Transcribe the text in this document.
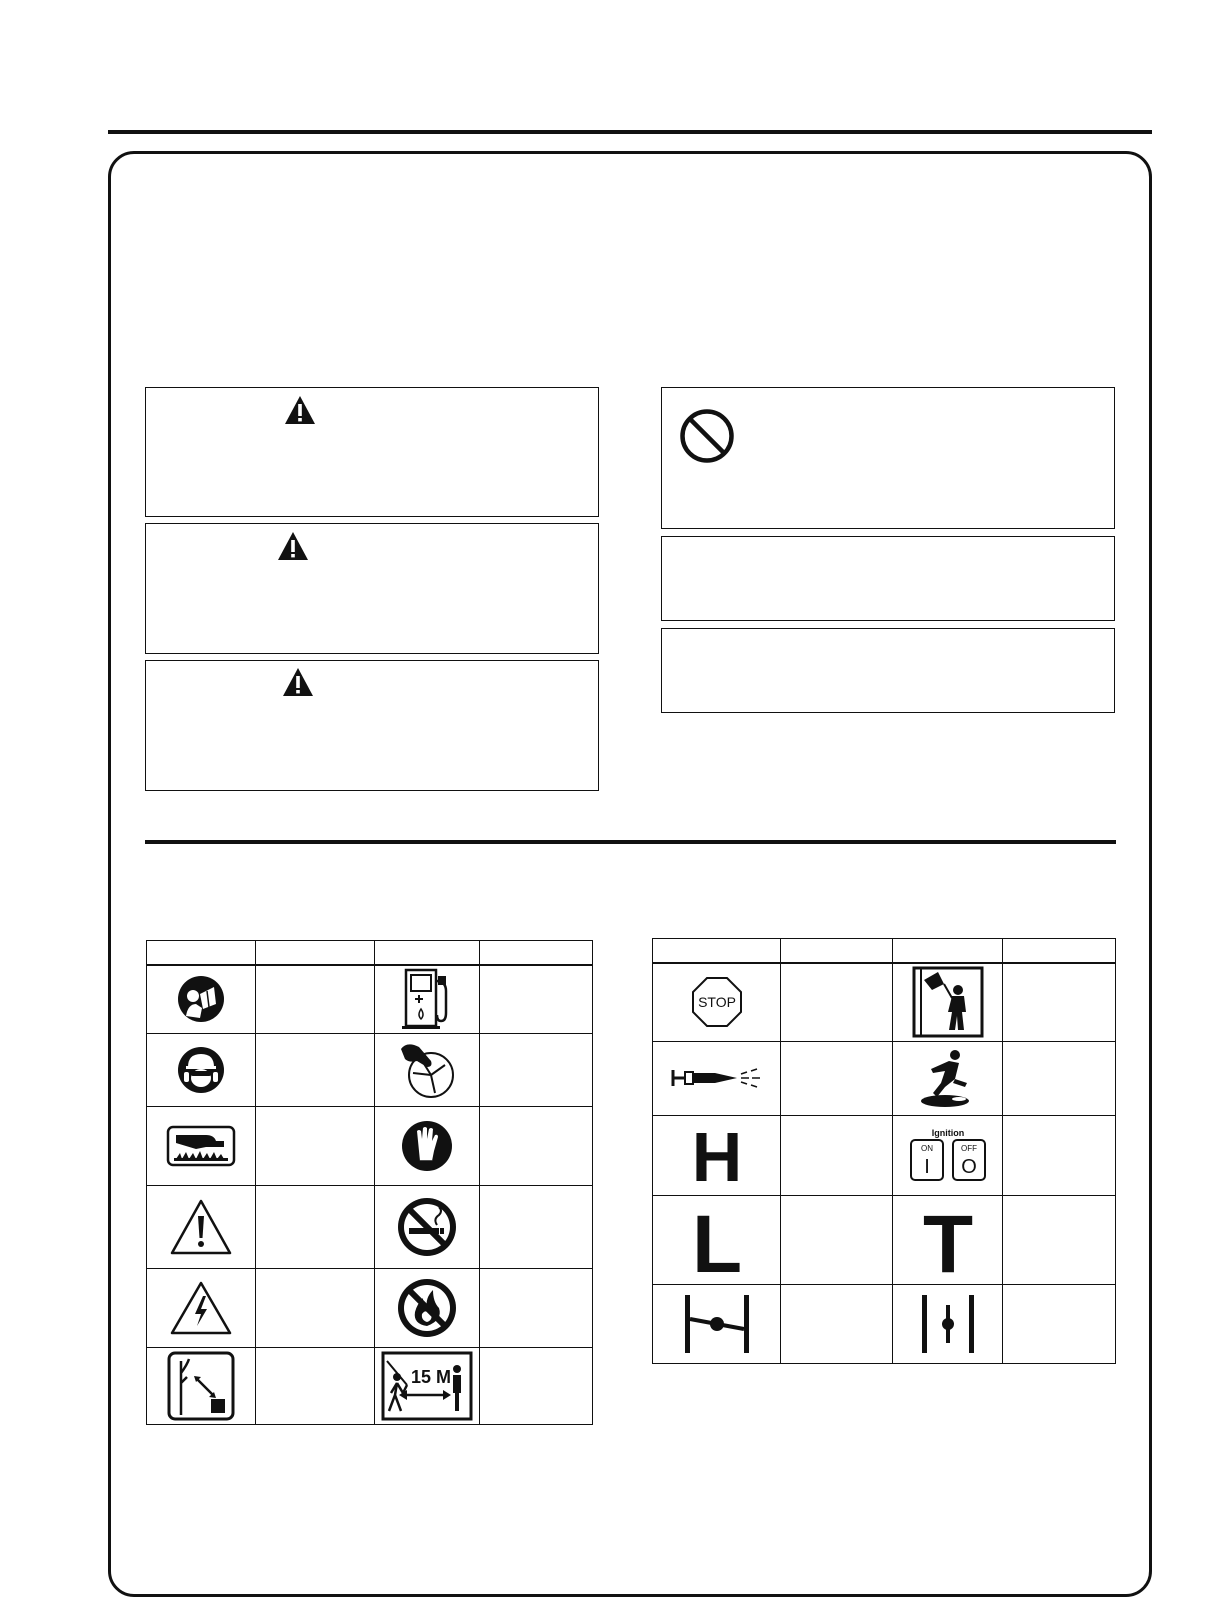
15 M	

STOP

H		Ignition
ON OFF
I O	

L		T	
